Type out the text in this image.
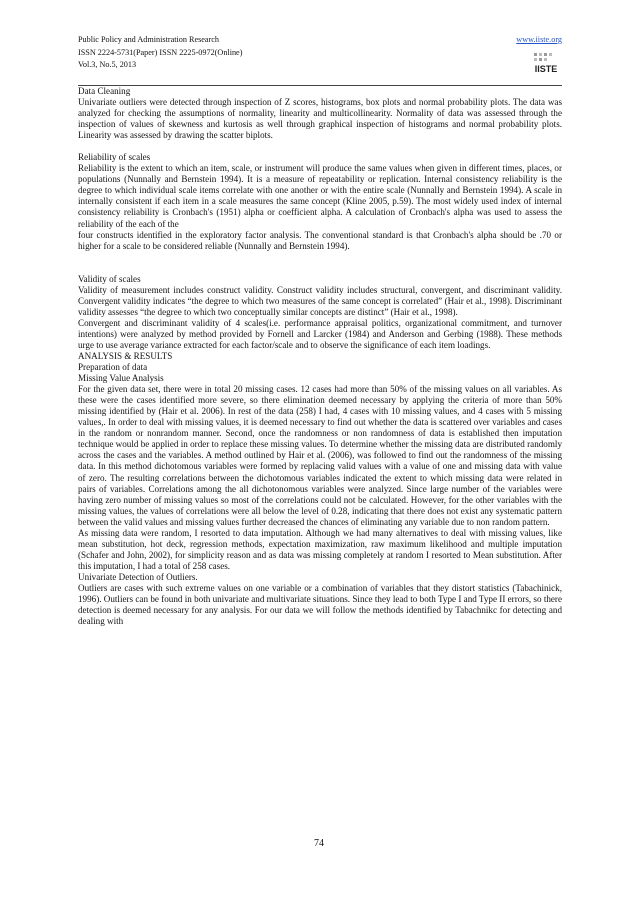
Public Policy and Administration Research
ISSN 2224-5731(Paper) ISSN 2225-0972(Online)
Vol.3, No.5, 2013
www.iiste.org
IISTE

Data Cleaning

Univariate outliers were detected through inspection of Z scores, histograms, box plots and normal probability plots. The data was analyzed for checking the assumptions of normality, linearity and multicollinearity. Normality of data was assessed through the inspection of values of skewness and kurtosis as well through graphical inspection of histograms and normal probability plots. Linearity was assessed by drawing the scatter biplots.

Reliability of scales

Reliability is the extent to which an item, scale, or instrument will produce the same values when given in different times, places, or populations (Nunnally and Bernstein 1994). It is a measure of repeatability or replication. Internal consistency reliability is the degree to which individual scale items correlate with one another or with the entire scale (Nunnally and Bernstein 1994). A scale in internally consistent if each item in a scale measures the same concept (Kline 2005, p.59). The most widely used index of internal consistency reliability is Cronbach's (1951) alpha or coefficient alpha. A calculation of Cronbach's alpha was used to assess the reliability of the each of the

four constructs identified in the exploratory factor analysis. The conventional standard is that Cronbach's alpha should be .70 or higher for a scale to be considered reliable (Nunnally and Bernstein 1994).

Validity of scales

Validity of measurement includes construct validity. Construct validity includes structural, convergent, and discriminant validity. Convergent validity indicates “the degree to which two measures of the same concept is correlated” (Hair et al., 1998). Discriminant validity assesses “the degree to which two conceptually similar concepts are distinct” (Hair et al., 1998).

Convergent and discriminant validity of 4 scales(i.e. performance appraisal politics, organizational commitment, and turnover intentions) were analyzed by method provided by Fornell and Larcker (1984) and Anderson and Gerbing (1988). These methods urge to use average variance extracted for each factor/scale and to observe the significance of each item loadings.

ANALYSIS & RESULTS

Preparation of data

Missing Value Analysis

For the given data set, there were in total 20 missing cases. 12 cases had more than 50% of the missing values on all variables. As these were the cases identified more severe, so there elimination deemed necessary by applying the criteria of more than 50% missing identified by (Hair et al. 2006). In rest of the data (258) I had, 4 cases with 10 missing values, and 4 cases with 5 missing values,. In order to deal with missing values, it is deemed necessary to find out whether the data is scattered over variables and cases in the random or nonrandom manner. Second, once the randomness or non randomness of data is established then imputation technique would be applied in order to replace these missing values. To determine whether the missing data are distributed randomly across the cases and the variables. A method outlined by Hair et al. (2006), was followed to find out the randomness of the missing data. In this method dichotomous variables were formed by replacing valid values with a value of one and missing data with value of zero. The resulting correlations between the dichotomous variables indicated the extent to which missing data were related in pairs of variables. Correlations among the all dichotonomous variables were analyzed. Since large number of the variables were having zero number of missing values so most of the correlations could not be calculated. However, for the other variables with the missing values, the values of correlations were all below the level of 0.28, indicating that there does not exist any systematic pattern between the valid values and missing values further decreased the chances of eliminating any variable due to non random pattern.

As missing data were random, I resorted to data imputation. Although we had many alternatives to deal with missing values, like mean substitution, hot deck, regression methods, expectation maximization, raw maximum likelihood and multiple imputation (Schafer and John, 2002), for simplicity reason and as data was missing completely at random I resorted to Mean substitution. After this imputation, I had a total of 258 cases.

Univariate Detection of Outliers.

Outliers are cases with such extreme values on one variable or a combination of variables that they distort statistics (Tabachinick, 1996). Outliers can be found in both univariate and multivariate situations. Since they lead to both Type I and Type II errors, so there detection is deemed necessary for any analysis. For our data we will follow the methods identified by Tabachnikc for detecting and dealing with

74
